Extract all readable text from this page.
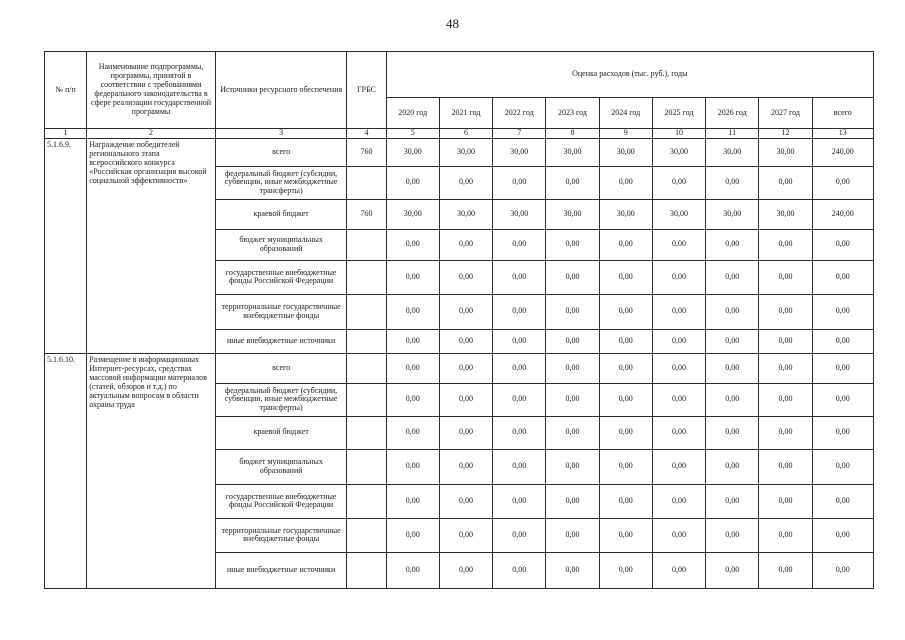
48
№ п/п	Наименование подпрограммы, программы, принятой в соответствии с требованиями федерального законодательства в сфере реализации государственной программы	Источники ресурсного обеспечения	ГРБС	Оценка расходов (тыс. руб.), годы								
				2020 год	2021 год	2022 год	2023 год	2024 год	2025 год	2026 год	2027 год	всего
1	2	3	4	5	6	7	8	9	10	11	12	13
5.1.6.9.	Награждение победителей регионального этапа всероссийского конкурса «Российская организация высокой социальной эффективности»	всего	760	30,00	30,00	30,00	30,00	30,00	30,00	30,00	30,00	240,00
		федеральный бюджет (субсидии, субвенции, иные межбюджетные трансферты)		0,00	0,00	0,00	0,00	0,00	0,00	0,00	0,00	0,00
		краевой бюджет	760	30,00	30,00	30,00	30,00	30,00	30,00	30,00	30,00	240,00
		бюджет муниципальных образований		0,00	0,00	0,00	0,00	0,00	0,00	0,00	0,00	0,00
		государственные внебюджетные фонды Российской Федерации		0,00	0,00	0,00	0,00	0,00	0,00	0,00	0,00	0,00
		территориальные государственные внебюджетные фонды		0,00	0,00	0,00	0,00	0,00	0,00	0,00	0,00	0,00
		иные внебюджетные источники		0,00	0,00	0,00	0,00	0,00	0,00	0,00	0,00	0,00
5.1.6.10.	Размещение в информационных Интернет-ресурсах, средствах массовой информации материалов (статей, обзоров и т.д.) по актуальным вопросам в области охраны труда	всего		0,00	0,00	0,00	0,00	0,00	0,00	0,00	0,00	0,00
		федеральный бюджет (субсидии, субвенции, иные межбюджетные трансферты)		0,00	0,00	0,00	0,00	0,00	0,00	0,00	0,00	0,00
		краевой бюджет		0,00	0,00	0,00	0,00	0,00	0,00	0,00	0,00	0,00
		бюджет муниципальных образований		0,00	0,00	0,00	0,00	0,00	0,00	0,00	0,00	0,00
		государственные внебюджетные фонды Российской Федерации		0,00	0,00	0,00	0,00	0,00	0,00	0,00	0,00	0,00
		территориальные государственные внебюджетные фонды		0,00	0,00	0,00	0,00	0,00	0,00	0,00	0,00	0,00
		иные внебюджетные источники		0,00	0,00	0,00	0,00	0,00	0,00	0,00	0,00	0,00
